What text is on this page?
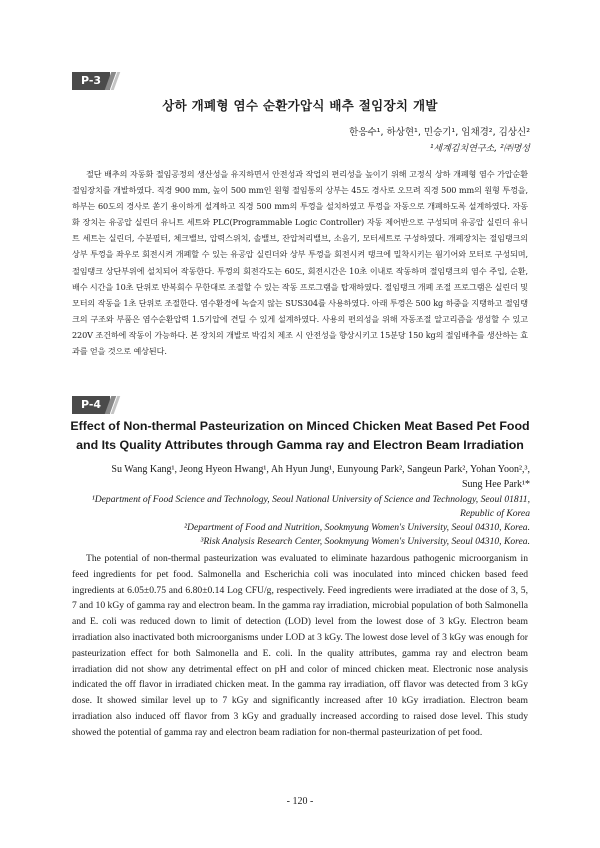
P-3
상하 개폐형 염수 순환가압식 배추 절임장치 개발
한응수¹, 하상현¹, 민승기¹, 임채경², 김상신²
¹세계김치연구소, ²㈜명성

절단 배추의 자동화 절임공정의 생산성을 유지하면서 안전성과 작업의 편리성을 높이기 위해 고정식 상하 개폐형 염수 가압순환 절임장치를 개발하였다. 직경 900 mm, 높이 500 mm인 원형 절임통의 상부는 45도 경사로 오므려 직경 500 mm의 원형 투껑을, 하부는 60도의 경사로 쏟기 용이하게 설계하고 직경 500 mm의 투껑을 설치하였고 투껑을 자동으로 개폐하도록 설계하였다. 자동화 장치는 유공압 실린더 유니트 세트와 PLC(Programmable Logic Controller) 자동 제어반으로 구성되며 유공압 실린더 유니트 세트는 실린더, 수분필터, 체크밸브, 압력스위치, 솔밸브, 잔압처리밸브, 소음기, 모터세트로 구성하였다. 개폐장치는 절임탱크의 상부 투껑을 좌우로 회전시켜 개폐할 수 있는 유공압 실린더와 상부 투껑을 회전시켜 탱크에 밀착시키는 웜기어와 모터로 구성되며, 절임탱크 상단부위에 설치되어 작동한다. 투껑의 회전각도는 60도, 회전시간은 10초 이내로 작동하며 절임탱크의 염수 주입, 순환, 배수 시간을 10초 단위로 반복회수 무한대로 조절할 수 있는 작동 프로그램을 탑재하였다. 절임탱크 개폐 조절 프로그램은 실린더 및 모터의 작동을 1초 단위로 조절한다. 염수환경에 녹슬지 않는 SUS304를 사용하였다. 아래 투껑은 500 kg 하중을 지탱하고 절임탱크의 구조와 부품은 염수순환압력 1.5기압에 견딜 수 있게 설계하였다. 사용의 편의성을 위해 자동조절 알고리즘을 생성할 수 있고 220V 조건하에 작동이 가능하다. 본 장치의 개발로 박김치 제조 시 안전성을 향상시키고 15분당 150 kg의 절임배추를 생산하는 효과를 얻을 것으로 예상된다.

P-4
Effect of Non-thermal Pasteurization on Minced Chicken Meat Based Pet Food and Its Quality Attributes through Gamma ray and Electron Beam Irradiation
Su Wang Kang¹, Jeong Hyeon Hwang¹, Ah Hyun Jung¹, Eunyoung Park², Sangeun Park², Yohan Yoon²,³, Sung Hee Park¹*
¹Department of Food Science and Technology, Seoul National University of Science and Technology, Seoul 01811, Republic of Korea
²Department of Food and Nutrition, Sookmyung Women's University, Seoul 04310, Korea.
³Risk Analysis Research Center, Sookmyung Women's University, Seoul 04310, Korea.

The potential of non-thermal pasteurization was evaluated to eliminate hazardous pathogenic microorganism in feed ingredients for pet food. Salmonella and Escherichia coli was inoculated into minced chicken based feed ingredients at 6.05±0.75 and 6.80±0.14 Log CFU/g, respectively. Feed ingredients were irradiated at the dose of 3, 5, 7 and 10 kGy of gamma ray and electron beam. In the gamma ray irradiation, microbial population of both Salmonella and E. coli was reduced down to limit of detection (LOD) level from the lowest dose of 3 kGy. Electron beam irradiation also inactivated both microorganisms under LOD at 3 kGy. The lowest dose level of 3 kGy was enough for pasteurization effect for both Salmonella and E. coli. In the quality attributes, gamma ray and electron beam irradiation did not show any detrimental effect on pH and color of minced chicken meat. Electronic nose analysis indicated the off flavor in irradiated chicken meat. In the gamma ray irradiation, off flavor was detected from 3 kGy dose. It showed similar level up to 7 kGy and significantly increased after 10 kGy irradiation. Electron beam irradiation also induced off flavor from 3 kGy and gradually increased according to raised dose level. This study showed the potential of gamma ray and electron beam radiation for non-thermal pasteurization of pet food.

- 120 -
